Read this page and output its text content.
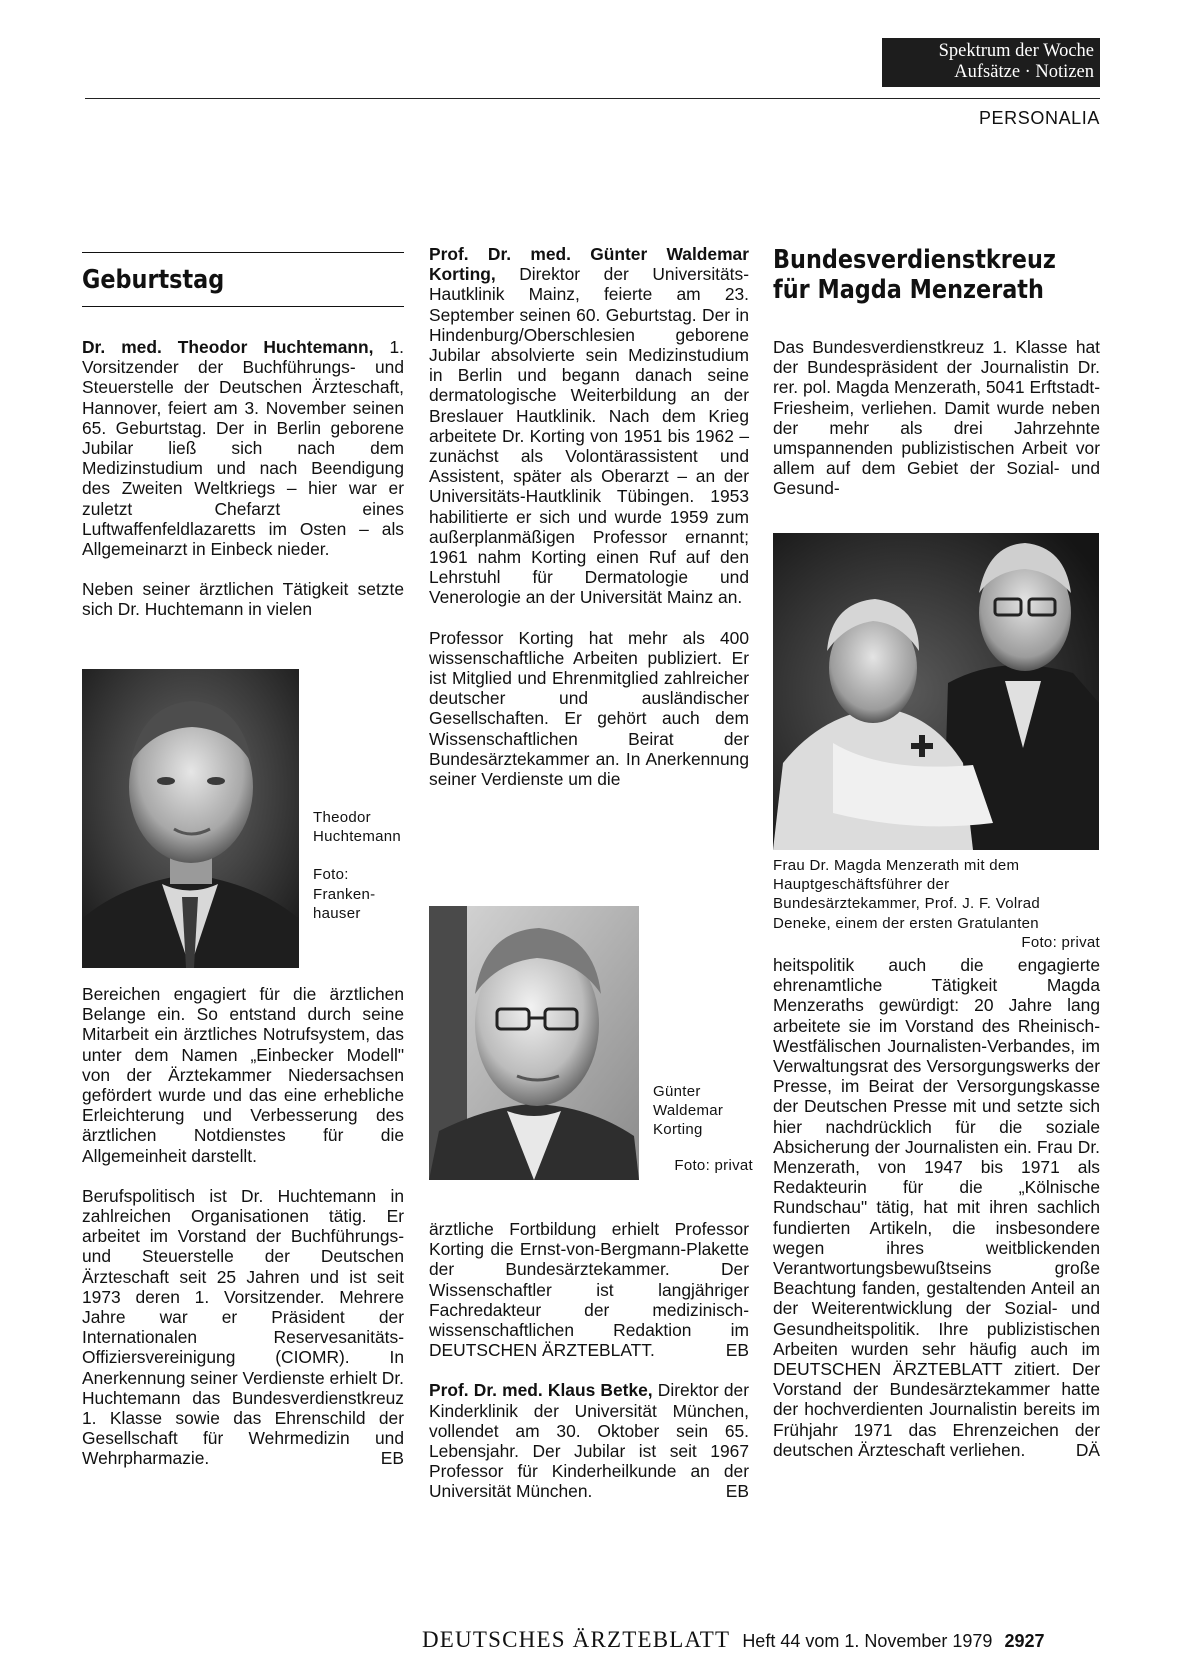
Spektrum der Woche
Aufsätze · Notizen
PERSONALIA
Geburtstag

Dr. med. Theodor Huchtemann, 1. Vorsitzender der Buchführungs- und Steuerstelle der Deutschen Ärzteschaft, Hannover, feiert am 3. November seinen 65. Geburtstag. Der in Berlin geborene Jubilar ließ sich nach dem Medizinstudium und nach Beendigung des Zweiten Weltkriegs – hier war er zuletzt Chefarzt eines Luftwaffenfeldlazaretts im Osten – als Allgemeinarzt in Einbeck nieder.

Neben seiner ärztlichen Tätigkeit setzte sich Dr. Huchtemann in vielen

Theodor Huchtemann
Foto: Frankenhauser

Bereichen engagiert für die ärztlichen Belange ein. So entstand durch seine Mitarbeit ein ärztliches Notrufsystem, das unter dem Namen „Einbecker Modell" von der Ärztekammer Niedersachsen gefördert wurde und das eine erhebliche Erleichterung und Verbesserung des ärztlichen Notdienstes für die Allgemeinheit darstellt.

Berufspolitisch ist Dr. Huchtemann in zahlreichen Organisationen tätig. Er arbeitet im Vorstand der Buchführungs- und Steuerstelle der Deutschen Ärzteschaft seit 25 Jahren und ist seit 1973 deren 1. Vorsitzender. Mehrere Jahre war er Präsident der Internationalen Reservesanitäts-Offiziersvereinigung (CIOMR). In Anerkennung seiner Verdienste erhielt Dr. Huchtemann das Bundesverdienstkreuz 1. Klasse sowie das Ehrenschild der Gesellschaft für Wehrmedizin und Wehrpharmazie.	EB

Prof. Dr. med. Günter Waldemar Korting, Direktor der Universitäts-Hautklinik Mainz, feierte am 23. September seinen 60. Geburtstag. Der in Hindenburg/Oberschlesien geborene Jubilar absolvierte sein Medizinstudium in Berlin und begann danach seine dermatologische Weiterbildung an der Breslauer Hautklinik. Nach dem Krieg arbeitete Dr. Korting von 1951 bis 1962 – zunächst als Volontärassistent und Assistent, später als Oberarzt – an der Universitäts-Hautklinik Tübingen. 1953 habilitierte er sich und wurde 1959 zum außerplanmäßigen Professor ernannt; 1961 nahm Korting einen Ruf auf den Lehrstuhl für Dermatologie und Venerologie an der Universität Mainz an.

Professor Korting hat mehr als 400 wissenschaftliche Arbeiten publiziert. Er ist Mitglied und Ehrenmitglied zahlreicher deutscher und ausländischer Gesellschaften. Er gehört auch dem Wissenschaftlichen Beirat der Bundesärztekammer an. In Anerkennung seiner Verdienste um die

Günter Waldemar Korting
Foto: privat

ärztliche Fortbildung erhielt Professor Korting die Ernst-von-Bergmann-Plakette der Bundesärztekammer. Der Wissenschaftler ist langjähriger Fachredakteur der medizinisch-wissenschaftlichen Redaktion im DEUTSCHEN ÄRZTEBLATT.	EB

Prof. Dr. med. Klaus Betke, Direktor der Kinderklinik der Universität München, vollendet am 30. Oktober sein 65. Lebensjahr. Der Jubilar ist seit 1967 Professor für Kinderheilkunde an der Universität München.	EB

Bundesverdienstkreuz
für Magda Menzerath

Das Bundesverdienstkreuz 1. Klasse hat der Bundespräsident der Journalistin Dr. rer. pol. Magda Menzerath, 5041 Erftstadt-Friesheim, verliehen. Damit wurde neben der mehr als drei Jahrzehnte umspannenden publizistischen Arbeit vor allem auf dem Gebiet der Sozial- und Gesund-

Frau Dr. Magda Menzerath mit dem Hauptgeschäftsführer der Bundesärztekammer, Prof. J. F. Volrad Deneke, einem der ersten Gratulanten
Foto: privat

heitspolitik auch die engagierte ehrenamtliche Tätigkeit Magda Menzeraths gewürdigt: 20 Jahre lang arbeitete sie im Vorstand des Rheinisch-Westfälischen Journalisten-Verbandes, im Verwaltungsrat des Versorgungswerks der Presse, im Beirat der Versorgungskasse der Deutschen Presse mit und setzte sich hier nachdrücklich für die soziale Absicherung der Journalisten ein. Frau Dr. Menzerath, von 1947 bis 1971 als Redakteurin für die „Kölnische Rundschau" tätig, hat mit ihren sachlich fundierten Artikeln, die insbesondere wegen ihres weitblickenden Verantwortungsbewußtseins große Beachtung fanden, gestaltenden Anteil an der Weiterentwicklung der Sozial- und Gesundheitspolitik. Ihre publizistischen Arbeiten wurden sehr häufig auch im DEUTSCHEN ÄRZTEBLATT zitiert. Der Vorstand der Bundesärztekammer hatte der hochverdienten Journalistin bereits im Frühjahr 1971 das Ehrenzeichen der deutschen Ärzteschaft verliehen.	DÄ

DEUTSCHES ÄRZTEBLATT Heft 44 vom 1. November 1979 2927
